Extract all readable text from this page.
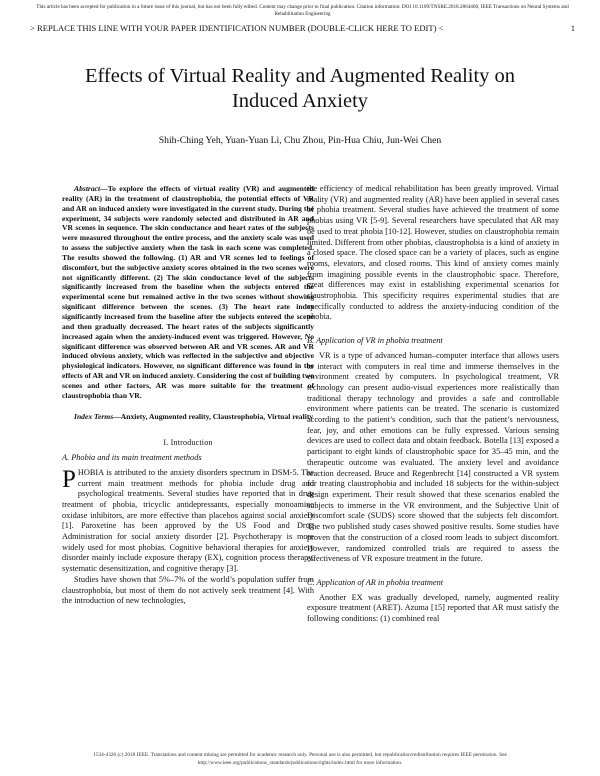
This article has been accepted for publication in a future issue of this journal, but has not been fully edited. Content may change prior to final publication. Citation information: DOI 10.1109/TNSRE.2018.2864460, IEEE Transactions on Neural Systems and Rehabilitation Engineering
> REPLACE THIS LINE WITH YOUR PAPER IDENTIFICATION NUMBER (DOUBLE-CLICK HERE TO EDIT) <	1
Effects of Virtual Reality and Augmented Reality on Induced Anxiety
Shih-Ching Yeh, Yuan-Yuan Li, Chu Zhou, Pin-Hua Chiu, Jun-Wei Chen

Abstract—To explore the effects of virtual reality (VR) and augmented reality (AR) in the treatment of claustrophobia, the potential effects of VR and AR on induced anxiety were investigated in the current study. During the experiment, 34 subjects were randomly selected and distributed in AR and VR scenes in sequence. The skin conductance and heart rates of the subjects were measured throughout the entire process, and the anxiety scale was used to assess the subjective anxiety when the task in each scene was completed. The results showed the following. (1) AR and VR scenes led to feelings of discomfort, but the subjective anxiety scores obtained in the two scenes were not significantly different. (2) The skin conductance level of the subjects significantly increased from the baseline when the subjects entered the experimental scene but remained active in the two scenes without showing significant difference between the scenes. (3) The heart rate index significantly increased from the baseline after the subjects entered the scene and then gradually decreased. The heart rates of the subjects significantly increased again when the anxiety-induced event was triggered. However, No significant difference was observed between AR and VR scenes. AR and VR induced obvious anxiety, which was reflected in the subjective and objective physiological indicators. However, no significant difference was found in the effects of AR and VR on induced anxiety. Considering the cost of building two scenes and other factors, AR was more suitable for the treatment of claustrophobia than VR.

Index Terms—Anxiety, Augmented reality, Claustrophobia, Virtual reality

I. Introduction

A. Phobia and its main treatment methods

PHOBIA is attributed to the anxiety disorders spectrum in DSM-5. The current main treatment methods for phobia include drug and psychological treatments. Several studies have reported that in drug treatment of phobia, tricyclic antidepressants, especially monoamine oxidase inhibitors, are more effective than placebos against social anxiety [1]. Paroxetine has been approved by the US Food and Drug Administration for social anxiety disorder [2]. Psychotherapy is more widely used for most phobias. Cognitive behavioral therapies for anxiety disorder mainly include exposure therapy (EX), cognition process therapy, systematic desensitization, and cognitive therapy [3].

Studies have shown that 5%–7% of the world’s population suffer from claustrophobia, but most of them do not actively seek treatment [4]. With the introduction of new technologies,

the efficiency of medical rehabilitation has been greatly improved. Virtual reality (VR) and augmented reality (AR) have been applied in several cases of phobia treatment. Several studies have achieved the treatment of some phobias using VR [5-9]. Several researchers have speculated that AR may be used to treat phobia [10-12]. However, studies on claustrophobia remain limited. Different from other phobias, claustrophobia is a kind of anxiety in a closed space. The closed space can be a variety of places, such as engine rooms, elevators, and closed rooms. This kind of anxiety comes mainly from imagining possible events in the claustrophobic space. Therefore, great differences may exist in establishing experimental scenarios for claustrophobia. This specificity requires experimental studies that are specifically conducted to address the anxiety-inducing condition of the phobia.

B. Application of VR in phobia treatment

VR is a type of advanced human–computer interface that allows users to interact with computers in real time and immerse themselves in the environment created by computers. In psychological treatment, VR technology can present audio-visual experiences more realistically than traditional therapy technology and provides a safe and controllable environment where patients can be treated. The scenario is customized according to the patient’s condition, such that the patient’s nervousness, fear, joy, and other emotions can be fully expressed. Various sensing devices are used to collect data and obtain feedback. Botella [13] exposed a participant to eight kinds of claustrophobic space for 35–45 min, and the therapeutic outcome was evaluated. The anxiety level and avoidance reaction decreased. Bruce and Regenbrecht [14] constructed a VR system for treating claustrophobia and included 18 subjects for the within-subject design experiment. Their result showed that these scenarios enabled the subjects to immerse in the VR environment, and the Subjective Unit of Discomfort scale (SUDS) score showed that the subjects felt discomfort. The two published study cases showed positive results. Some studies have proven that the construction of a closed room leads to subject discomfort. However, randomized controlled trials are required to assess the effectiveness of VR exposure treatment in the future.

C. Application of AR in phobia treatment

Another EX was gradually developed, namely, augmented reality exposure treatment (ARET). Azuma [15] reported that AR must satisfy the following conditions: (1) combined real

1534-4320 (c) 2018 IEEE. Translations and content mining are permitted for academic research only. Personal use is also permitted, but republication/redistribution requires IEEE permission. See http://www.ieee.org/publications_standards/publications/rights/index.html for more information.
